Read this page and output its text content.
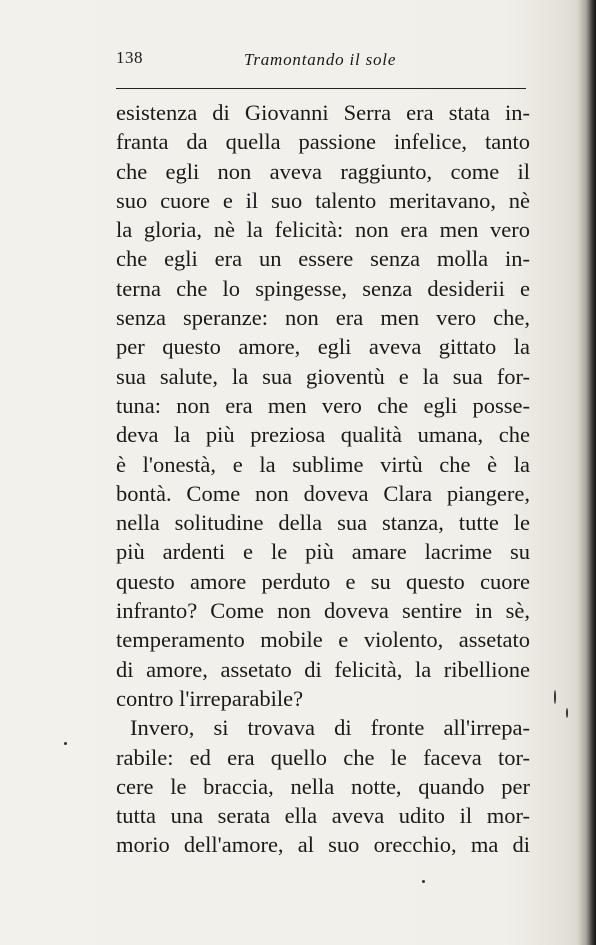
138	Tramontando il sole
esistenza di Giovanni Serra era stata in-
franta da quella passione infelice, tanto
che egli non aveva raggiunto, come il
suo cuore e il suo talento meritavano, nè
la gloria, nè la felicità: non era men vero
che egli era un essere senza molla in-
terna che lo spingesse, senza desiderii e
senza speranze: non era men vero che,
per questo amore, egli aveva gittato la
sua salute, la sua gioventù e la sua for-
tuna: non era men vero che egli posse-
deva la più preziosa qualità umana, che
è l'onestà, e la sublime virtù che è la
bontà. Come non doveva Clara piangere,
nella solitudine della sua stanza, tutte le
più ardenti e le più amare lacrime su
questo amore perduto e su questo cuore
infranto? Come non doveva sentire in sè,
temperamento mobile e violento, assetato
di amore, assetato di felicità, la ribellione
contro l'irreparabile?
Invero, si trovava di fronte all'irrepa-
rabile: ed era quello che le faceva tor-
cere le braccia, nella notte, quando per
tutta una serata ella aveva udito il mor-
morio dell'amore, al suo orecchio, ma di
